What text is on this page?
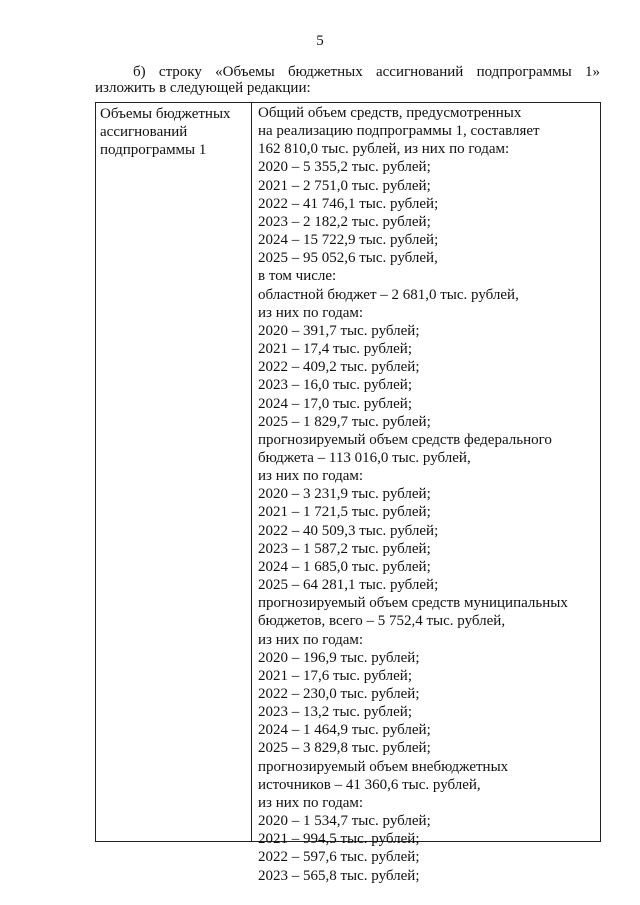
5
б) строку «Объемы бюджетных ассигнований подпрограммы 1»
изложить в следующей редакции:
Объемы бюджетных
ассигнований
подпрограммы 1
Общий объем средств, предусмотренных
на реализацию подпрограммы 1, составляет
162 810,0 тыс. рублей, из них по годам:
2020 – 5 355,2 тыс. рублей;
2021 – 2 751,0 тыс. рублей;
2022 – 41 746,1 тыс. рублей;
2023 – 2 182,2 тыс. рублей;
2024 – 15 722,9 тыс. рублей;
2025 – 95 052,6 тыс. рублей,
в том числе:
областной бюджет – 2 681,0 тыс. рублей,
из них по годам:
2020 – 391,7 тыс. рублей;
2021 – 17,4 тыс. рублей;
2022 – 409,2 тыс. рублей;
2023 – 16,0 тыс. рублей;
2024 – 17,0 тыс. рублей;
2025 – 1 829,7 тыс. рублей;
прогнозируемый объем средств федерального
бюджета – 113 016,0 тыс. рублей,
из них по годам:
2020 – 3 231,9 тыс. рублей;
2021 – 1 721,5 тыс. рублей;
2022 – 40 509,3 тыс. рублей;
2023 – 1 587,2 тыс. рублей;
2024 – 1 685,0 тыс. рублей;
2025 – 64 281,1 тыс. рублей;
прогнозируемый объем средств муниципальных
бюджетов, всего – 5 752,4 тыс. рублей,
из них по годам:
2020 – 196,9 тыс. рублей;
2021 – 17,6 тыс. рублей;
2022 – 230,0 тыс. рублей;
2023 – 13,2 тыс. рублей;
2024 – 1 464,9 тыс. рублей;
2025 – 3 829,8 тыс. рублей;
прогнозируемый объем внебюджетных
источников – 41 360,6 тыс. рублей,
из них по годам:
2020 – 1 534,7 тыс. рублей;
2021 – 994,5 тыс. рублей;
2022 – 597,6 тыс. рублей;
2023 – 565,8 тыс. рублей;
